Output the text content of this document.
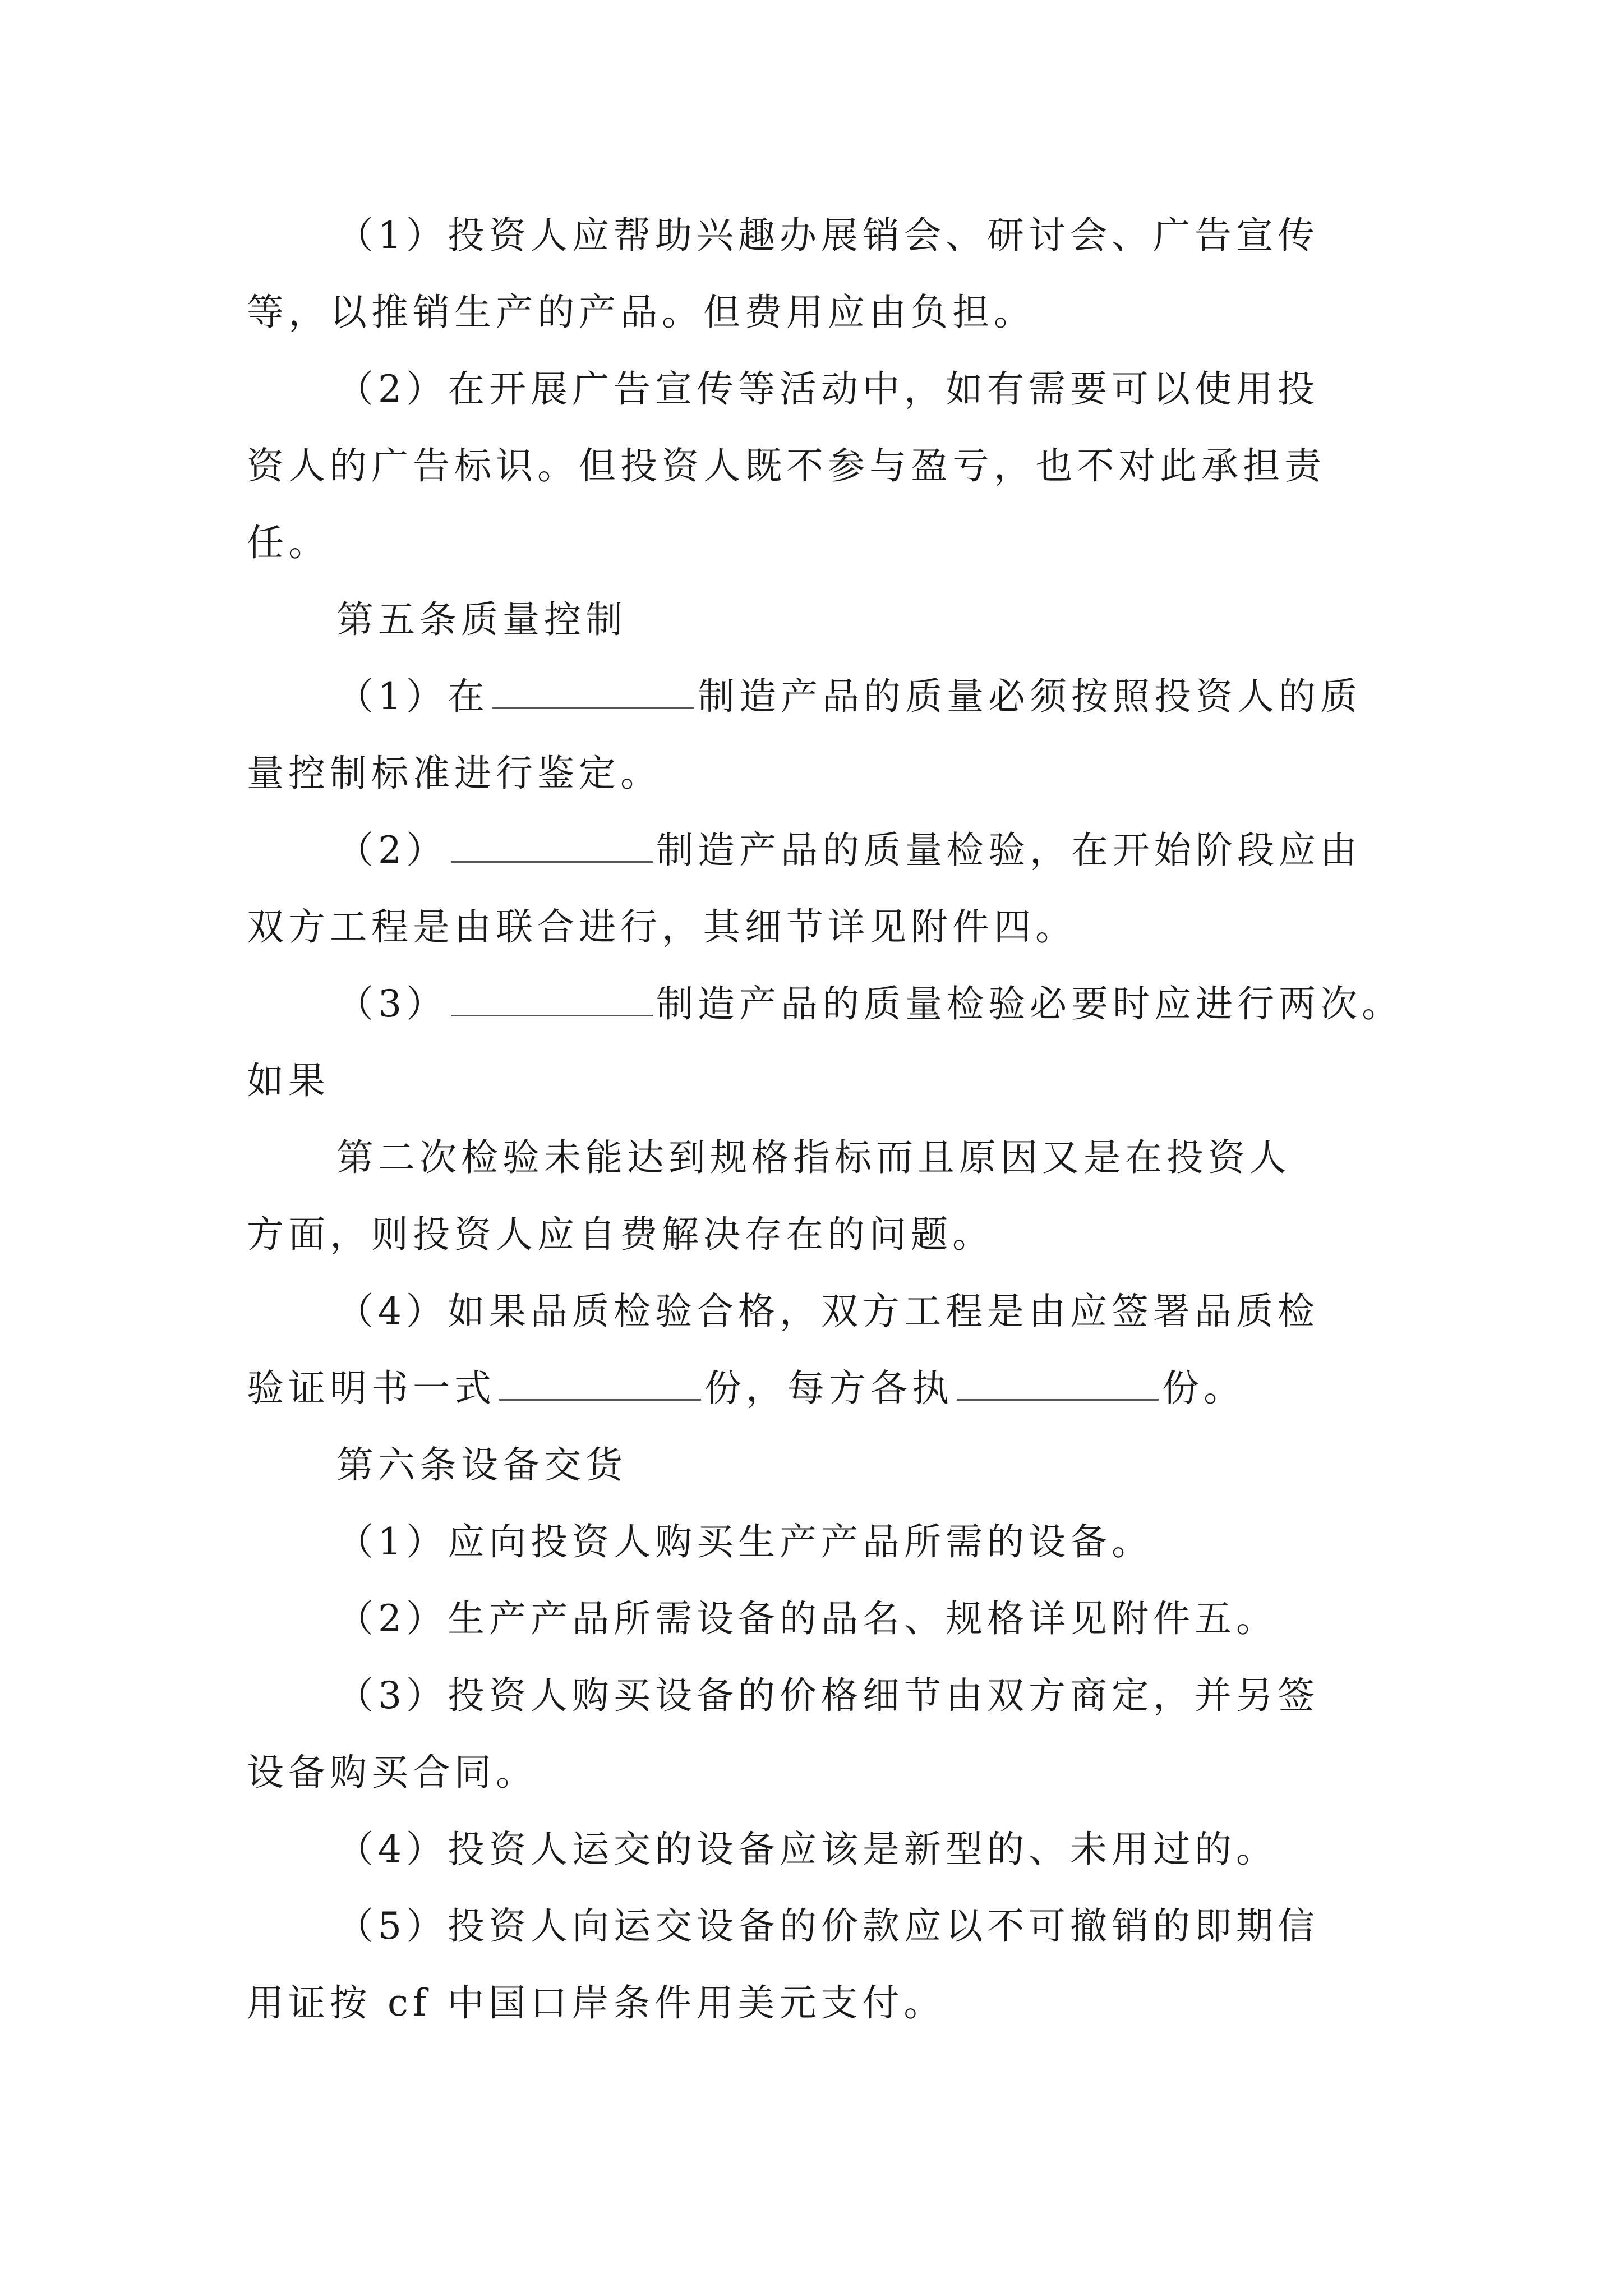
（1）投资人应帮助兴趣办展销会、研讨会、广告宣传
等，以推销生产的产品。但费用应由负担。
（2）在开展广告宣传等活动中，如有需要可以使用投
资人的广告标识。但投资人既不参与盈亏，也不对此承担责
任。
第五条质量控制
（1）在	制造产品的质量必须按照投资人的质
量控制标准进行鉴定。
（2）	制造产品的质量检验，在开始阶段应由
双方工程是由联合进行，其细节详见附件四。
（3）	制造产品的质量检验必要时应进行两次。
如果
第二次检验未能达到规格指标而且原因又是在投资人
方面，则投资人应自费解决存在的问题。
（4）如果品质检验合格，双方工程是由应签署品质检
验证明书一式	份，每方各执	份。
第六条设备交货
（1）应向投资人购买生产产品所需的设备。
（2）生产产品所需设备的品名、规格详见附件五。
（3）投资人购买设备的价格细节由双方商定，并另签
设备购买合同。
（4）投资人运交的设备应该是新型的、未用过的。
（5）投资人向运交设备的价款应以不可撤销的即期信
用证按 cf 中国口岸条件用美元支付。
